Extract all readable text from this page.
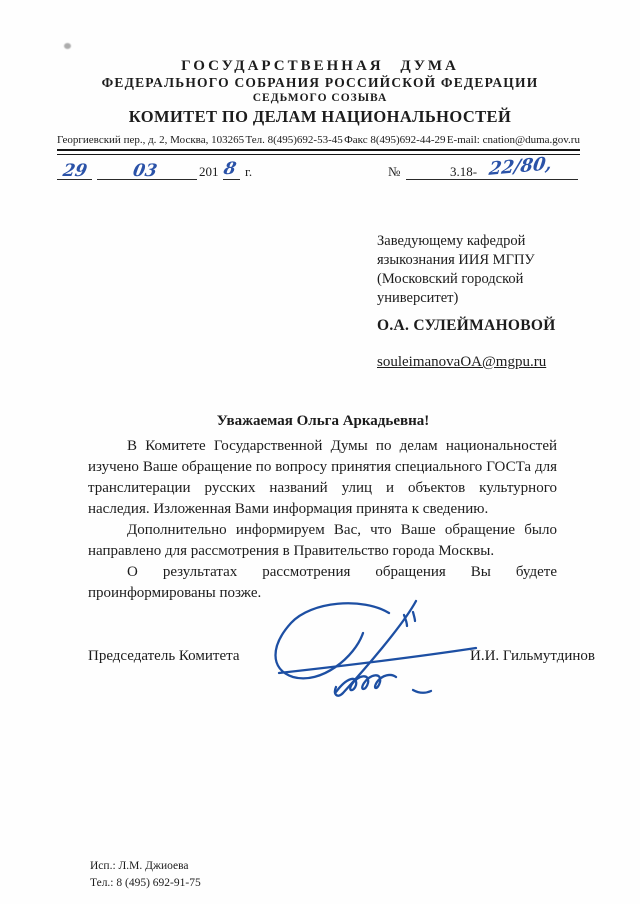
ГОСУДАРСТВЕННАЯ ДУМА
ФЕДЕРАЛЬНОГО СОБРАНИЯ РОССИЙСКОЙ ФЕДЕРАЦИИ
СЕДЬМОГО СОЗЫВА
КОМИТЕТ ПО ДЕЛАМ НАЦИОНАЛЬНОСТЕЙ
Георгиевский пер., д. 2, Москва, 103265 Тел. 8(495)692-53-45 Факс 8(495)692-44-29 E-mail: cnation@duma.gov.ru
29	03	201 8 г.	№	3.18- 22/80,
Заведующему кафедрой
языкознания ИИЯ МГПУ
(Московский городской
университет)
О.А. СУЛЕЙМАНОВОЙ
souleimanovaOA@mgpu.ru
Уважаемая Ольга Аркадьевна!

В Комитете Государственной Думы по делам национальностей изучено Ваше обращение по вопросу принятия специального ГОСТа для транслитерации русских названий улиц и объектов культурного наследия. Изложенная Вами информация принята к сведению.

Дополнительно информируем Вас, что Ваше обращение было направлено для рассмотрения в Правительство города Москвы.

О результатах рассмотрения обращения Вы будете проинформированы позже.

Председатель Комитета	И.И. Гильмутдинов
Исп.: Л.М. Джиоева
Тел.: 8 (495) 692-91-75
